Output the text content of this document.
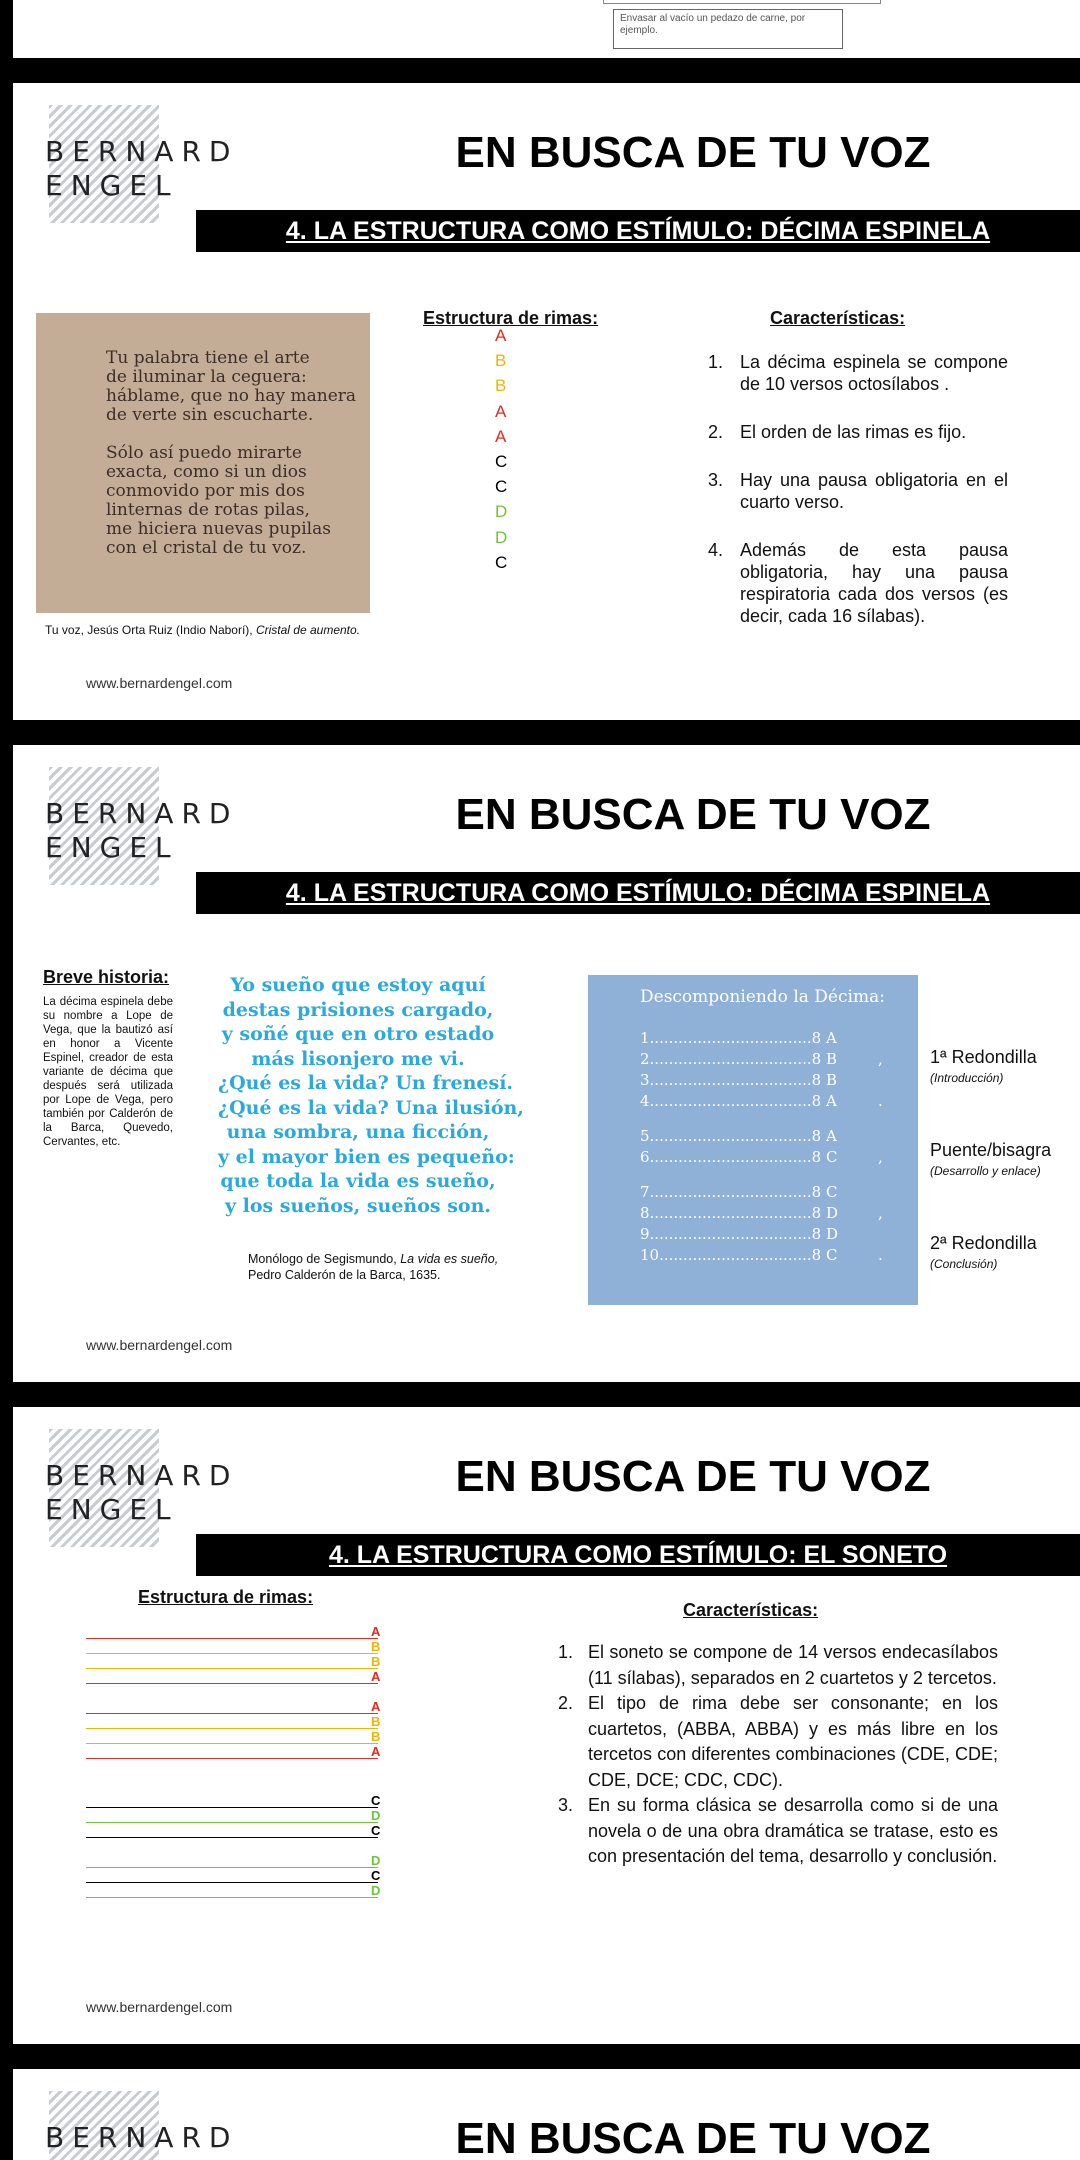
Envasar al vacío un pedazo de carne, por ejemplo.
BERNARD
ENGEL
EN BUSCA DE TU VOZ
4. LA ESTRUCTURA COMO ESTÍMULO: DÉCIMA ESPINELA
Tu palabra tiene el arte
de iluminar la ceguera:
háblame, que no hay manera
de verte sin escucharte.

Sólo así puedo mirarte
exacta, como si un dios
conmovido por mis dos
linternas de rotas pilas,
me hiciera nuevas pupilas
con el cristal de tu voz.
Tu voz, Jesús Orta Ruiz (Indio Naborí), Cristal de aumento.
Estructura de rimas:
A
B
B
A
A
C
C
D
D
C
Características:
1. La décima espinela se compone de 10 versos octosílabos .
2. El orden de las rimas es fijo.
3. Hay una pausa obligatoria en el cuarto verso.
4. Además de esta pausa obligatoria, hay una pausa respiratoria cada dos versos (es decir, cada 16 sílabas).
www.bernardengel.com
BERNARD
ENGEL
EN BUSCA DE TU VOZ
4. LA ESTRUCTURA COMO ESTÍMULO: DÉCIMA ESPINELA
Breve historia:
La décima espinela debe su nombre a Lope de Vega, que la bautizó así en honor a Vicente Espinel, creador de esta variante de décima que después será utilizada por Lope de Vega, pero también por Calderón de la Barca, Quevedo, Cervantes, etc.
Yo sueño que estoy aquí
destas prisiones cargado,
y soñé que en otro estado
más lisonjero me vi.
¿Qué es la vida? Un frenesí.
¿Qué es la vida? Una ilusión,
una sombra, una ficción,
y el mayor bien es pequeño:
que toda la vida es sueño,
y los sueños, sueños son.
Monólogo de Segismundo, La vida es sueño,
Pedro Calderón de la Barca, 1635.
Descomponiendo la Décima:
1..................................8 A
2..................................8 B	,
3..................................8 B
4..................................8 A	.
5..................................8 A
6..................................8 C	,
7..................................8 C
8..................................8 D	,
9..................................8 D
10................................8 C	.
1ª Redondilla
(Introducción)
Puente/bisagra
(Desarrollo y enlace)
2ª Redondilla
(Conclusión)
www.bernardengel.com
BERNARD
ENGEL
EN BUSCA DE TU VOZ
4. LA ESTRUCTURA COMO ESTÍMULO: EL SONETO
Estructura de rimas:
A
B
B
A
A
B
B
A
C
D
C
D
C
D
Características:
1. El soneto se compone de 14 versos endecasílabos (11 sílabas), separados en 2 cuartetos y 2 tercetos.
2. El tipo de rima debe ser consonante; en los cuartetos, (ABBA, ABBA) y es más libre en los tercetos con diferentes combinaciones (CDE, CDE; CDE, DCE; CDC, CDC).
3. En su forma clásica se desarrolla como si de una novela o de una obra dramática se tratase, esto es con presentación del tema, desarrollo y conclusión.
www.bernardengel.com
BERNARD	EN BUSCA DE TU VOZ
